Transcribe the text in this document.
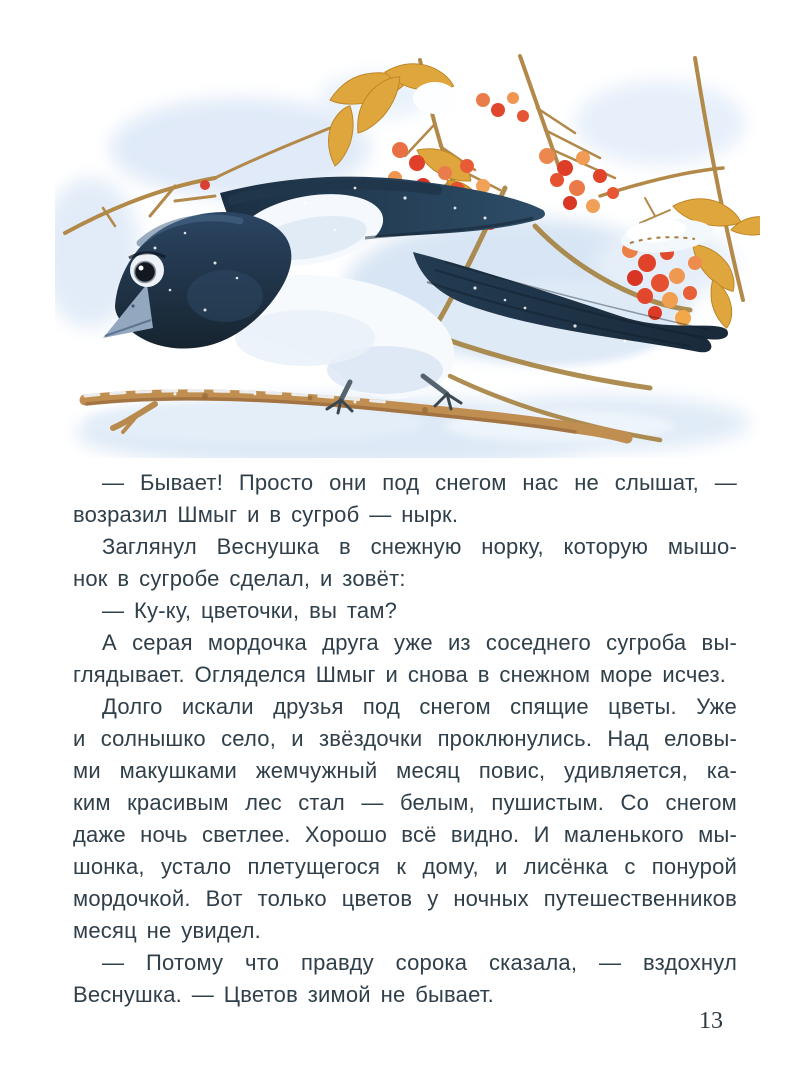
— Бывает! Просто они под снегом нас не слышат, —
возразил Шмыг и в сугроб — нырк.
Заглянул Веснушка в снежную норку, которую мышо-
нок в сугробе сделал, и зовёт:
— Ку-ку, цветочки, вы там?
А серая мордочка друга уже из соседнего сугроба вы-
глядывает. Огляделся Шмыг и снова в снежном море исчез.
Долго искали друзья под снегом спящие цветы. Уже
и солнышко село, и звёздочки проклюнулись. Над еловы-
ми макушками жемчужный месяц повис, удивляется, ка-
ким красивым лес стал — белым, пушистым. Со снегом
даже ночь светлее. Хорошо всё видно. И маленького мы-
шонка, устало плетущегося к дому, и лисёнка с понурой
мордочкой. Вот только цветов у ночных путешественников
месяц не увидел.
— Потому что правду сорока сказала, — вздохнул
Веснушка. — Цветов зимой не бывает.
13
